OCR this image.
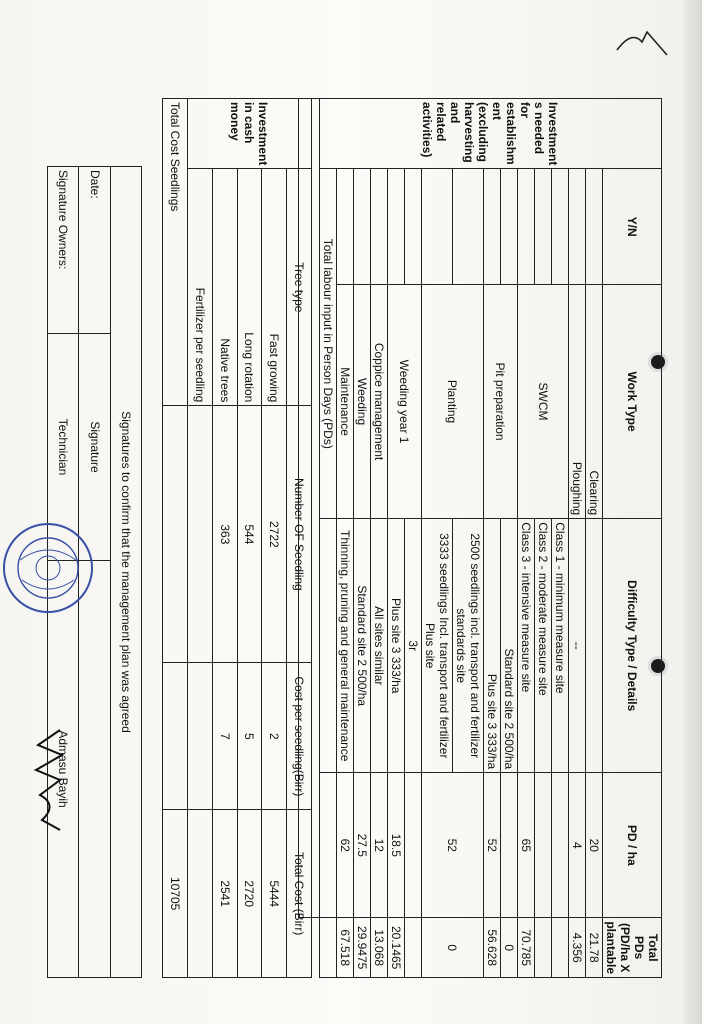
Investment s needed for establishm ent (excluding harvesting and related activities)	Y/N	Work Type	Difficulty Type / Details	PD / ha	Total PDs (PD/ha X plantable
		Clearing		20	21.78
		Ploughing	--	4	4.356
		SWCM	Class 1 - minimum measure site		
			Class 2 - moderate measure site		
			Class 3 - intensive measure site	65	70.785
		Pit preparation	Standard site 2 500/ha		0
			Plus site 3 333/ha	52	56.628
		Planting	2500 seedlings incl. transport and fertilizer standards site	52	0
			3333 seedlings Incl. transport and fertilizer Plus site		
		Weeding year 1	3r		
			Plus site 3 333/ha	18.5	20.1465
		Coppice management	All sites similar	12	13.068
		Weeding	Standard site 2 500/ha	27.5	29.9475
		Maintenance	Thinning, pruning and general maintenance	62	67.518
	Total labour input in Person Days (PDs)				

Investment in cash money	Tree type	Number OF Seedling	Cost per seedling(Birr)	Total Cost (Birr)
	Fast growing	2722	2	5444
	Long rotation	544	5	2720
	Native trees	363	7	2541
	Fertilizer per seedling			
Total Cost Seedlings				10705
Signatures to confirm that the management plan was agreed		
Date:	Signature	
Signature Owners:	Technician	Admasu Bayih
